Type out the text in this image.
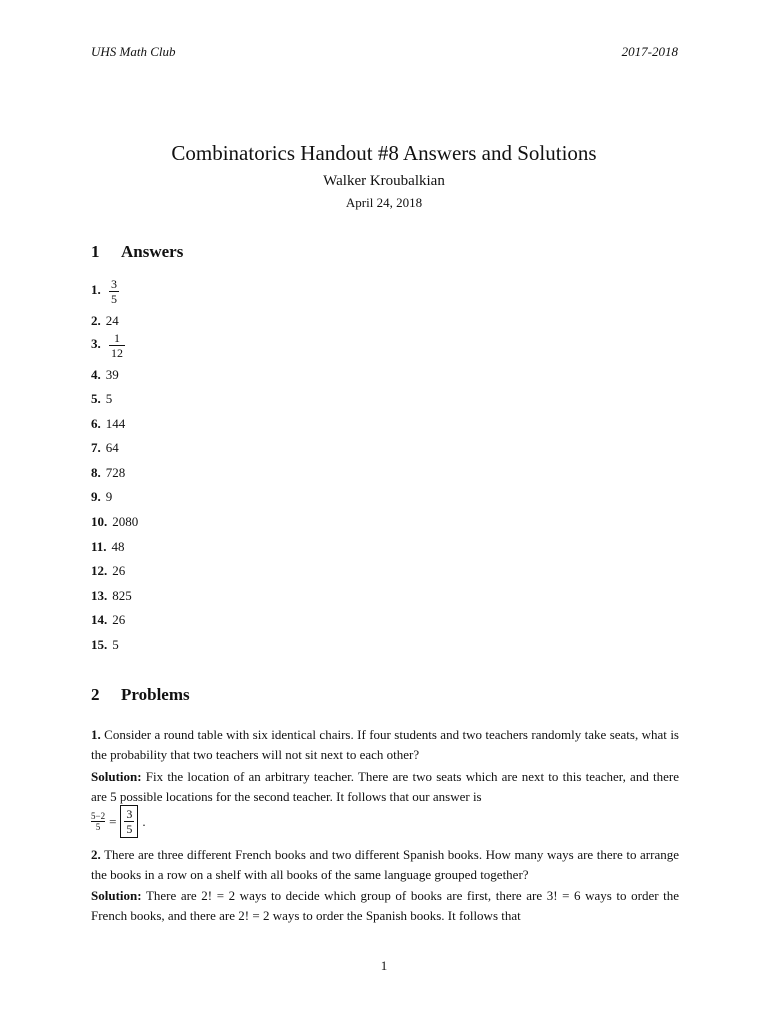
UHS Math Club	2017-2018
Combinatorics Handout #8 Answers and Solutions
Walker Kroubalkian
April 24, 2018
1 Answers
1. $\frac{3}{5}$
2. 24
3. $\frac{1}{12}$
4. 39
5. 5
6. 144
7. 64
8. 728
9. 9
10. 2080
11. 48
12. 26
13. 825
14. 26
15. 5
2 Problems
1. Consider a round table with six identical chairs. If four students and two teachers randomly take seats, what is the probability that two teachers will not sit next to each other?
Solution: Fix the location of an arbitrary teacher. There are two seats which are next to this teacher, and there are 5 possible locations for the second teacher. It follows that our answer is
$\frac{5-2}{5} = \frac{3}{5}$ .
2. There are three different French books and two different Spanish books. How many ways are there to arrange the books in a row on a shelf with all books of the same language grouped together?
Solution: There are 2! = 2 ways to decide which group of books are first, there are 3! = 6 ways to order the French books, and there are 2! = 2 ways to order the Spanish books. It follows that
1
